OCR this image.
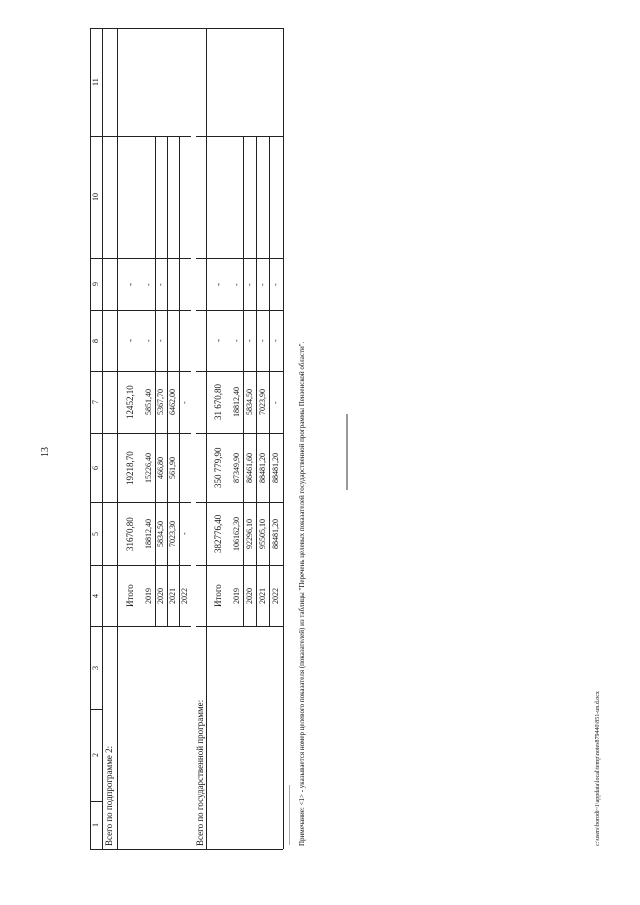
1
2
3
4
5
6
7
8
9
10
11
Всего по подпрограмме 2:
Итого
31670,80
19218,70
12452,10
-
-
2019
18812,40
15226,40
5851,40
-
-
2020
5834,50
466,80
5367,70
-
-
2021
7023,30
561,90
6462,00
2022
-
-
Всего по государственной программе:
Итого
382776,40
350 779,90
31 670,80
-
-
2019
106162,30
87349,90
18812,40
-
-
2020
92296,10
86461,60
5834,50
-
-
2021
95505,10
88481,20
7023,90
-
-
2022
88481,20
88481,20
-
-
-
13
------------------------------ Примечание: <1> - указывается номер целевого показателя (показателей) из таблицы "Перечень целевых показателей государственной программы Пензенской области".	c:\users\borodi~1\appdata\local\temp\notes879440\851-un.d.ocx
